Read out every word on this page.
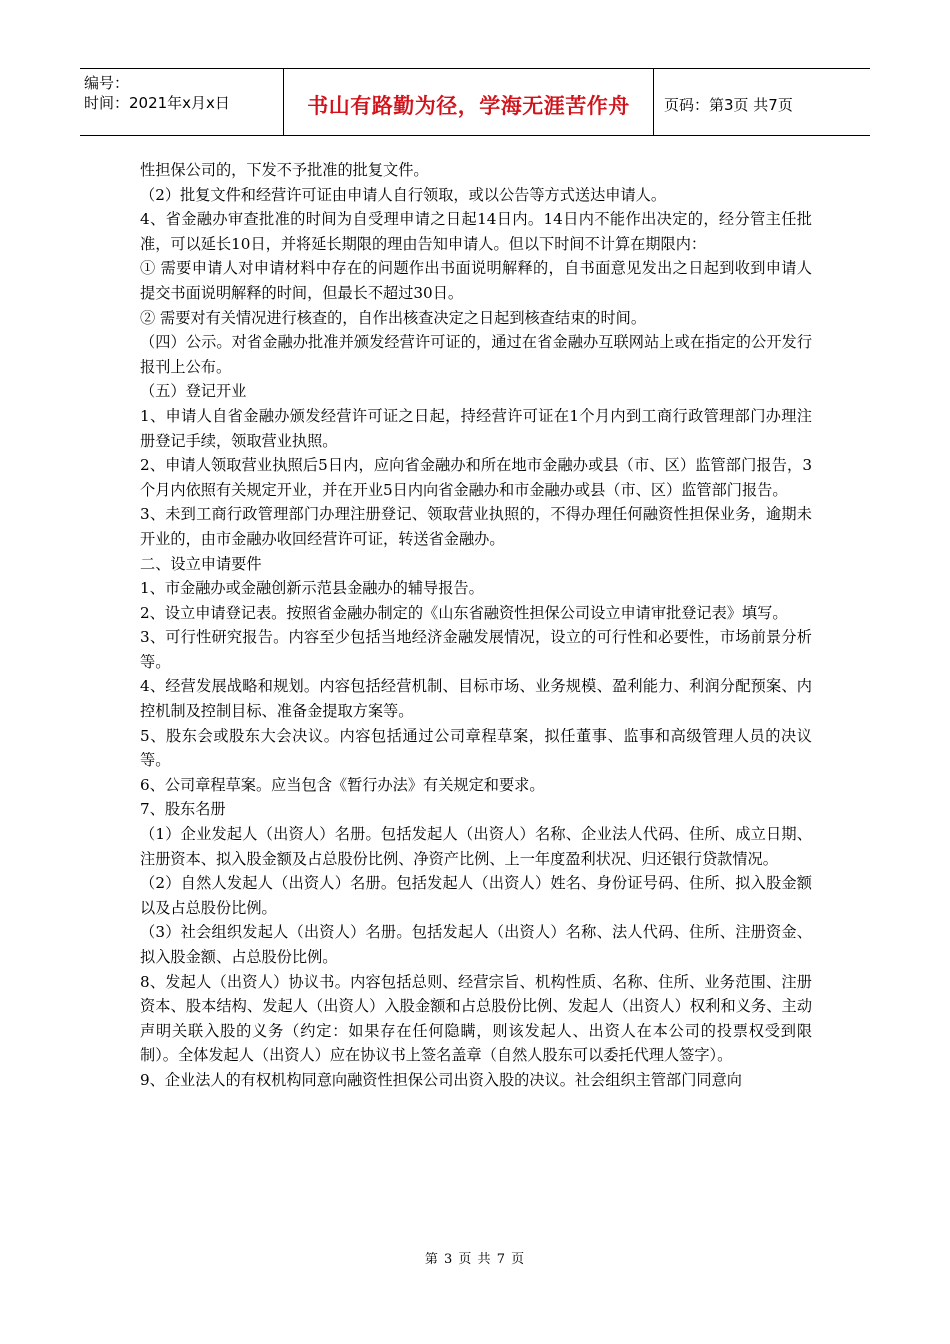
编号：
时间：2021年x月x日	书山有路勤为径，学海无涯苦作舟	页码：第3页 共7页

性担保公司的，下发不予批准的批复文件。

（2）批复文件和经营许可证由申请人自行领取，或以公告等方式送达申请人。

4、省金融办审查批准的时间为自受理申请之日起14日内。14日内不能作出决定的，经分管主任批准，可以延长10日，并将延长期限的理由告知申请人。但以下时间不计算在期限内：

① 需要申请人对申请材料中存在的问题作出书面说明解释的，自书面意见发出之日起到收到申请人提交书面说明解释的时间，但最长不超过30日。

② 需要对有关情况进行核查的，自作出核查决定之日起到核查结束的时间。

（四）公示。对省金融办批准并颁发经营许可证的，通过在省金融办互联网站上或在指定的公开发行报刊上公布。

（五）登记开业

1、申请人自省金融办颁发经营许可证之日起，持经营许可证在1个月内到工商行政管理部门办理注册登记手续，领取营业执照。

2、申请人领取营业执照后5日内，应向省金融办和所在地市金融办或县（市、区）监管部门报告，3个月内依照有关规定开业，并在开业5日内向省金融办和市金融办或县（市、区）监管部门报告。

3、未到工商行政管理部门办理注册登记、领取营业执照的，不得办理任何融资性担保业务，逾期未开业的，由市金融办收回经营许可证，转送省金融办。

二、设立申请要件

1、市金融办或金融创新示范县金融办的辅导报告。

2、设立申请登记表。按照省金融办制定的《山东省融资性担保公司设立申请审批登记表》填写。

3、可行性研究报告。内容至少包括当地经济金融发展情况，设立的可行性和必要性，市场前景分析等。

4、经营发展战略和规划。内容包括经营机制、目标市场、业务规模、盈利能力、利润分配预案、内控机制及控制目标、准备金提取方案等。

5、股东会或股东大会决议。内容包括通过公司章程草案，拟任董事、监事和高级管理人员的决议等。

6、公司章程草案。应当包含《暂行办法》有关规定和要求。

7、股东名册

（1）企业发起人（出资人）名册。包括发起人（出资人）名称、企业法人代码、住所、成立日期、注册资本、拟入股金额及占总股份比例、净资产比例、上一年度盈利状况、归还银行贷款情况。

（2）自然人发起人（出资人）名册。包括发起人（出资人）姓名、身份证号码、住所、拟入股金额以及占总股份比例。

（3）社会组织发起人（出资人）名册。包括发起人（出资人）名称、法人代码、住所、注册资金、拟入股金额、占总股份比例。

8、发起人（出资人）协议书。内容包括总则、经营宗旨、机构性质、名称、住所、业务范围、注册资本、股本结构、发起人（出资人）入股金额和占总股份比例、发起人（出资人）权利和义务、主动声明关联入股的义务（约定：如果存在任何隐瞒，则该发起人、出资人在本公司的投票权受到限制）。全体发起人（出资人）应在协议书上签名盖章（自然人股东可以委托代理人签字）。

9、企业法人的有权机构同意向融资性担保公司出资入股的决议。社会组织主管部门同意向

第 3 页 共 7 页
